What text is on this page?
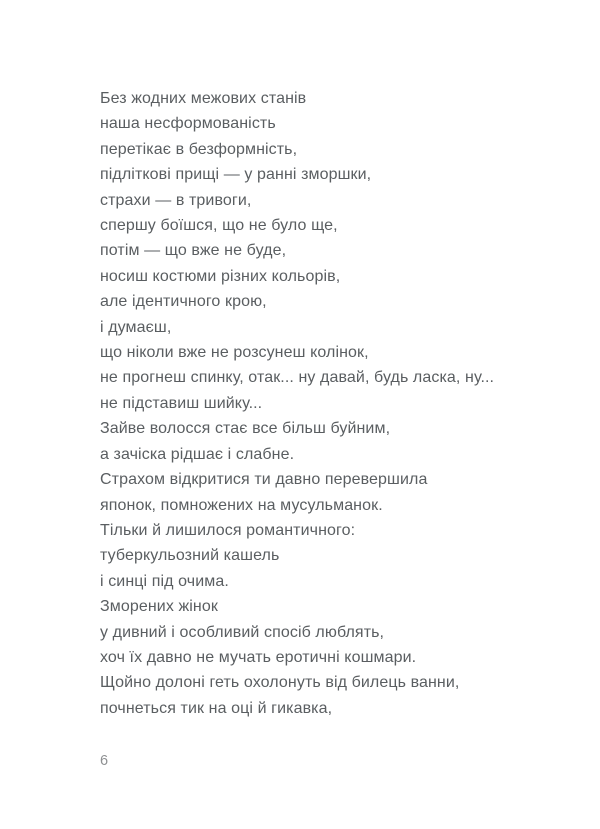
Без жодних межових станів
наша несформованість
перетікає в безформність,
підліткові прищі — у ранні зморшки,
страхи — в тривоги,
спершу боїшся, що не було ще,
потім — що вже не буде,
носиш костюми різних кольорів,
але ідентичного крою,
і думаєш,
що ніколи вже не розсунеш колінок,
не прогнеш спинку, отак... ну давай, будь ласка, ну...
не підставиш шийку...
Зайве волосся стає все більш буйним,
а зачіска рідшає і слабне.
Страхом відкритися ти давно перевершила
японок, помножених на мусульманок.
Тільки й лишилося романтичного:
туберкульозний кашель
і синці під очима.
Зморених жінок
у дивний і особливий спосіб люблять,
хоч їх давно не мучать еротичні кошмари.
Щойно долоні геть охолонуть від билець ванни,
почнеться тик на оці й гикавка,
6
